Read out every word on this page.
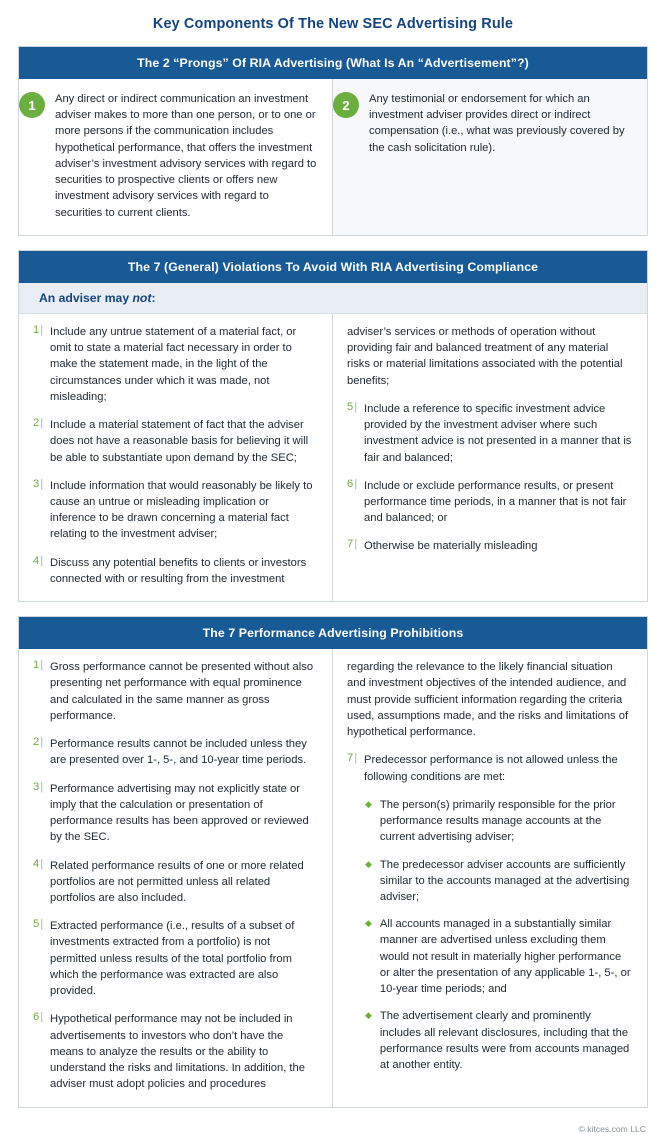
Key Components Of The New SEC Advertising Rule
The 2 “Prongs” Of RIA Advertising (What Is An “Advertisement”?)
1	Any direct or indirect communication an investment adviser makes to more than one person, or to one or more persons if the communication includes hypothetical performance, that offers the investment adviser’s investment advisory services with regard to securities to prospective clients or offers new investment advisory services with regard to securities to current clients.
2	Any testimonial or endorsement for which an investment adviser provides direct or indirect compensation (i.e., what was previously covered by the cash solicitation rule).
The 7 (General) Violations To Avoid With RIA Advertising Compliance
An adviser may not:
1| Include any untrue statement of a material fact, or omit to state a material fact necessary in order to make the statement made, in the light of the circumstances under which it was made, not misleading;
2| Include a material statement of fact that the adviser does not have a reasonable basis for believing it will be able to substantiate upon demand by the SEC;
3| Include information that would reasonably be likely to cause an untrue or misleading implication or inference to be drawn concerning a material fact relating to the investment adviser;
4| Discuss any potential benefits to clients or investors connected with or resulting from the investment
adviser’s services or methods of operation without providing fair and balanced treatment of any material risks or material limitations associated with the potential benefits;
5| Include a reference to specific investment advice provided by the investment adviser where such investment advice is not presented in a manner that is fair and balanced;
6| Include or exclude performance results, or present performance time periods, in a manner that is not fair and balanced; or
7| Otherwise be materially misleading
The 7 Performance Advertising Prohibitions
1| Gross performance cannot be presented without also presenting net performance with equal prominence and calculated in the same manner as gross performance.
2| Performance results cannot be included unless they are presented over 1-, 5-, and 10-year time periods.
3| Performance advertising may not explicitly state or imply that the calculation or presentation of performance results has been approved or reviewed by the SEC.
4| Related performance results of one or more related portfolios are not permitted unless all related portfolios are also included.
5| Extracted performance (i.e., results of a subset of investments extracted from a portfolio) is not permitted unless results of the total portfolio from which the performance was extracted are also provided.
6| Hypothetical performance may not be included in advertisements to investors who don’t have the means to analyze the results or the ability to understand the risks and limitations. In addition, the adviser must adopt policies and procedures
regarding the relevance to the likely financial situation and investment objectives of the intended audience, and must provide sufficient information regarding the criteria used, assumptions made, and the risks and limitations of hypothetical performance.
7| Predecessor performance is not allowed unless the following conditions are met:
◆ The person(s) primarily responsible for the prior performance results manage accounts at the current advertising adviser;
◆ The predecessor adviser accounts are sufficiently similar to the accounts managed at the advertising adviser;
◆ All accounts managed in a substantially similar manner are advertised unless excluding them would not result in materially higher performance or alter the presentation of any applicable 1-, 5-, or 10-year time periods; and
◆ The advertisement clearly and prominently includes all relevant disclosures, including that the performance results were from accounts managed at another entity.
© kitces.com LLC
